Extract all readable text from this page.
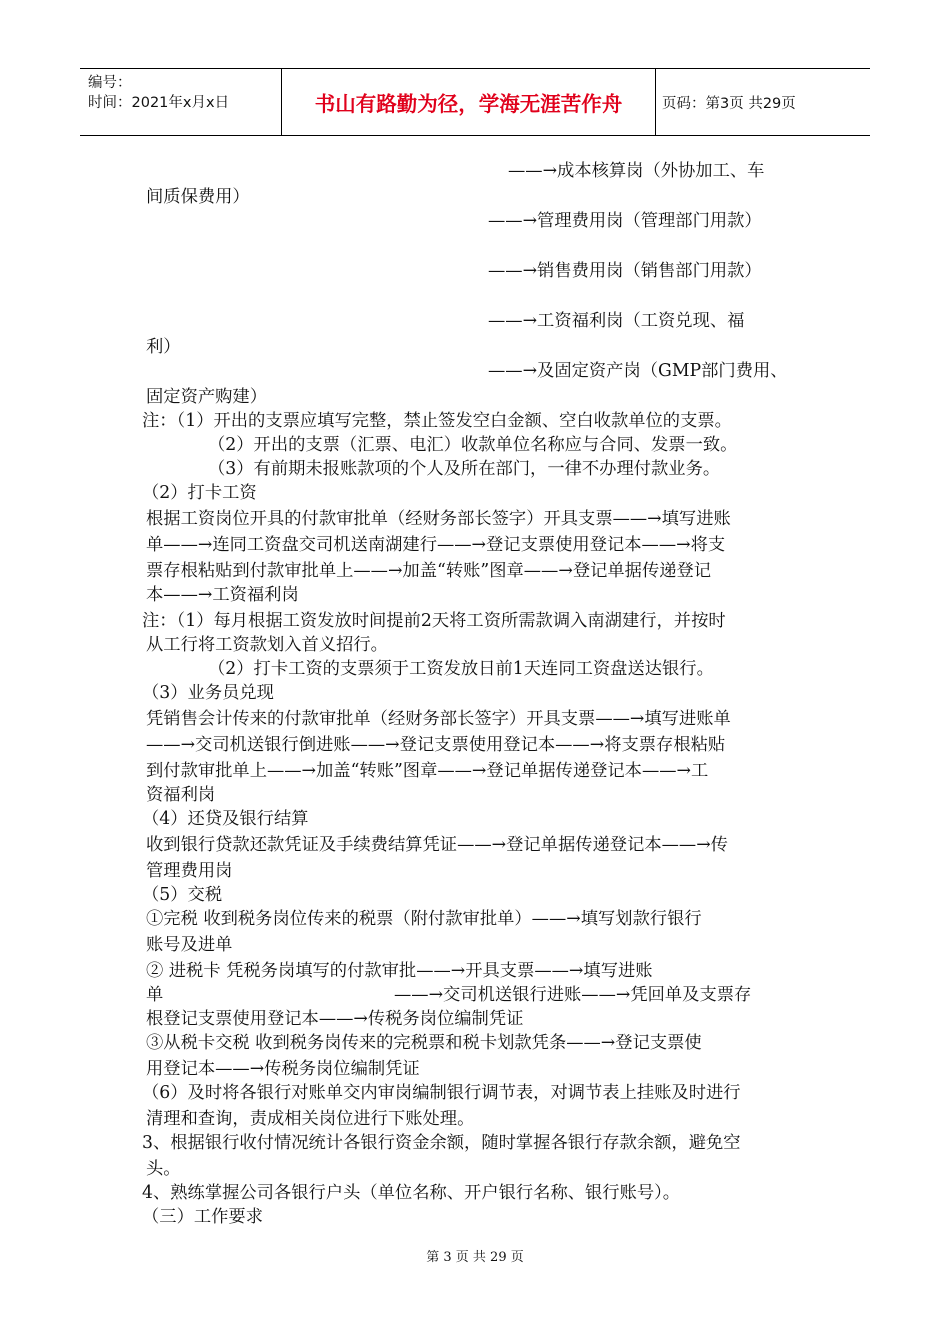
编号：
时间：2021年x月x日	书山有路勤为径，学海无涯苦作舟	页码：第3页 共29页
——→成本核算岗（外协加工、车
间质保费用）
——→管理费用岗（管理部门用款）
——→销售费用岗（销售部门用款）
——→工资福利岗（工资兑现、福
利）
——→及固定资产岗（GMP部门费用、
固定资产购建）
注：（1）开出的支票应填写完整，禁止签发空白金额、空白收款单位的支票。
（2）开出的支票（汇票、电汇）收款单位名称应与合同、发票一致。
（3）有前期未报账款项的个人及所在部门，一律不办理付款业务。
（2）打卡工资
根据工资岗位开具的付款审批单（经财务部长签字）开具支票——→填写进账
单——→连同工资盘交司机送南湖建行——→登记支票使用登记本——→将支
票存根粘贴到付款审批单上——→加盖“转账”图章——→登记单据传递登记
本——→工资福利岗
注：（1）每月根据工资发放时间提前2天将工资所需款调入南湖建行，并按时
从工行将工资款划入首义招行。
（2）打卡工资的支票须于工资发放日前1天连同工资盘送达银行。
（3）业务员兑现
凭销售会计传来的付款审批单（经财务部长签字）开具支票——→填写进账单
——→交司机送银行倒进账——→登记支票使用登记本——→将支票存根粘贴
到付款审批单上——→加盖“转账”图章——→登记单据传递登记本——→工
资福利岗
（4）还贷及银行结算
收到银行贷款还款凭证及手续费结算凭证——→登记单据传递登记本——→传
管理费用岗
（5）交税
①完税 收到税务岗位传来的税票（附付款审批单）——→填写划款行银行
账号及进单
② 进税卡 凭税务岗填写的付款审批——→开具支票——→填写进账
单	——→交司机送银行进账——→凭回单及支票存
根登记支票使用登记本——→传税务岗位编制凭证
③从税卡交税 收到税务岗传来的完税票和税卡划款凭条——→登记支票使
用登记本——→传税务岗位编制凭证
（6）及时将各银行对账单交内审岗编制银行调节表，对调节表上挂账及时进行
清理和查询，责成相关岗位进行下账处理。
3、根据银行收付情况统计各银行资金余额，随时掌握各银行存款余额，避免空
头。
4、熟练掌握公司各银行户头（单位名称、开户银行名称、银行账号）。
（三）工作要求
第 3 页 共 29 页
